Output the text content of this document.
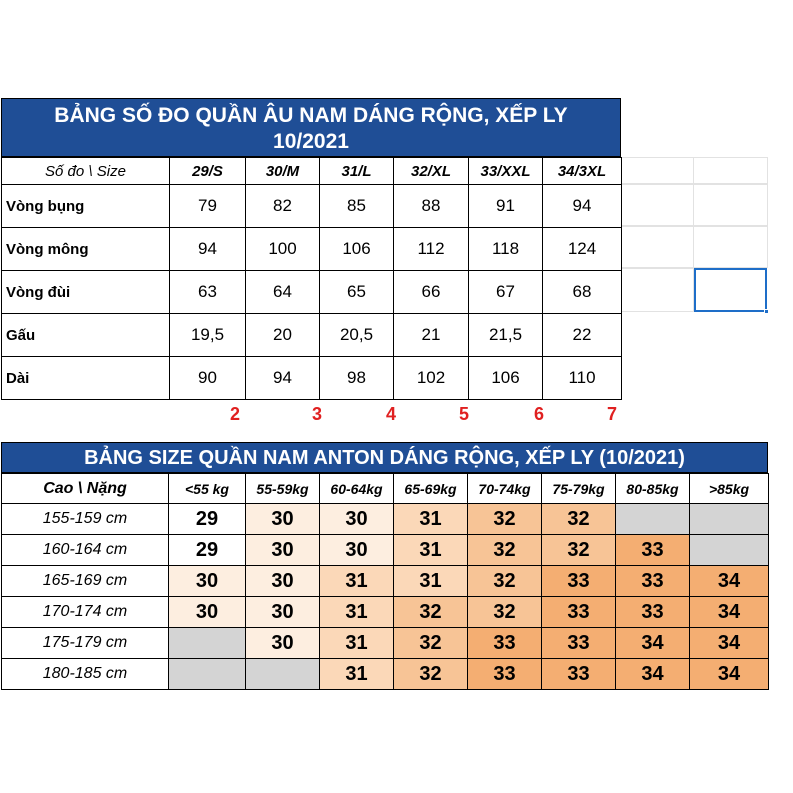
BẢNG SỐ ĐO QUẦN ÂU NAM DÁNG RỘNG, XẾP LY
10/2021
Số đo \ Size	29/S	30/M	31/L	32/XL	33/XXL	34/3XL
Vòng bụng	79	82	85	88	91	94
Vòng mông	94	100	106	112	118	124
Vòng đùi	63	64	65	66	67	68
Gấu	19,5	20	20,5	21	21,5	22
Dài	90	94	98	102	106	110
2	3	4	5	6	7
BẢNG SIZE QUẦN NAM ANTON DÁNG RỘNG, XẾP LY (10/2021)
Cao \ Nặng	<55 kg	55-59kg	60-64kg	65-69kg	70-74kg	75-79kg	80-85kg	>85kg
155-159 cm	29	30	30	31	32	32		
160-164 cm	29	30	30	31	32	32	33	
165-169 cm	30	30	31	31	32	33	33	34
170-174 cm	30	30	31	32	32	33	33	34
175-179 cm		30	31	32	33	33	34	34
180-185 cm			31	32	33	33	34	34
